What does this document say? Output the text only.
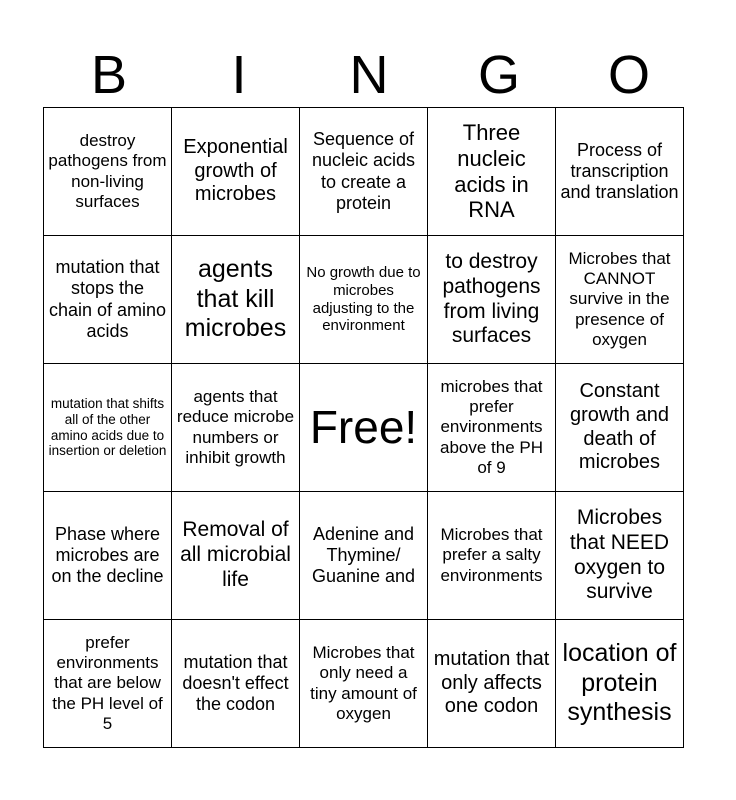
B	I	N	G	O
destroy pathogens from non-living surfaces	Exponential growth of microbes	Sequence of nucleic acids to create a protein	Three nucleic acids in RNA	Process of transcription and translation
mutation that stops the chain of amino acids	agents that kill microbes	No growth due to microbes adjusting to the environment	to destroy pathogens from living surfaces	Microbes that CANNOT survive in the presence of oxygen
mutation that shifts all of the other amino acids due to insertion or deletion	agents that reduce microbe numbers or inhibit growth	Free!	microbes that prefer environments above the PH of 9	Constant growth and death of microbes
Phase where microbes are on the decline	Removal of all microbial life	Adenine and Thymine/ Guanine and	Microbes that prefer a salty environments	Microbes that NEED oxygen to survive
prefer environments that are below the PH level of 5	mutation that doesn't effect the codon	Microbes that only need a tiny amount of oxygen	mutation that only affects one codon	location of protein synthesis
